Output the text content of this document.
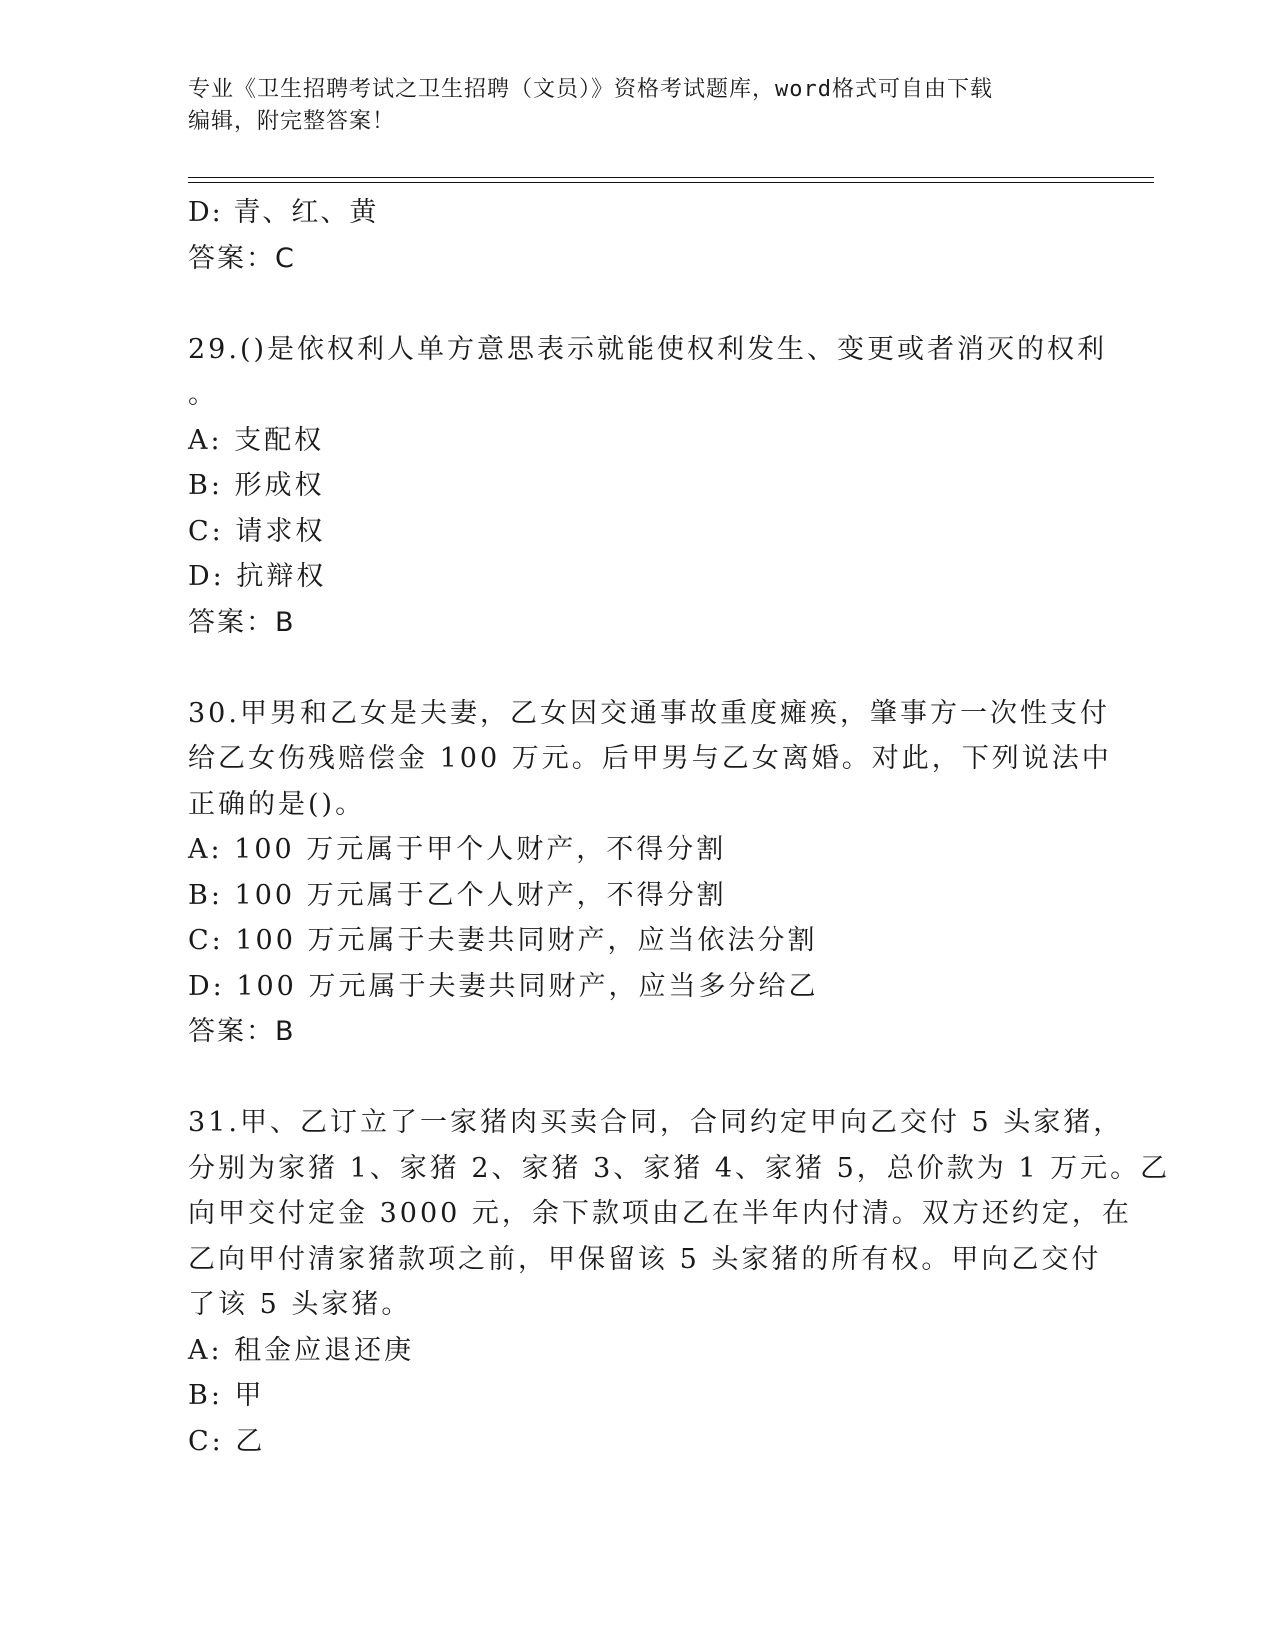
专业《卫生招聘考试之卫生招聘（文员）》资格考试题库，word格式可自由下载
编辑，附完整答案！
D: 青、红、黄
答案：C
29.()是依权利人单方意思表示就能使权利发生、变更或者消灭的权利
。
A: 支配权
B: 形成权
C: 请求权
D: 抗辩权
答案：B
30.甲男和乙女是夫妻，乙女因交通事故重度瘫痪，肇事方一次性支付
给乙女伤残赔偿金 100 万元。后甲男与乙女离婚。对此，下列说法中
正确的是()。
A: 100 万元属于甲个人财产，不得分割
B: 100 万元属于乙个人财产，不得分割
C: 100 万元属于夫妻共同财产，应当依法分割
D: 100 万元属于夫妻共同财产，应当多分给乙
答案：B
31.甲、乙订立了一家猪肉买卖合同，合同约定甲向乙交付 5 头家猪，
分别为家猪 1、家猪 2、家猪 3、家猪 4、家猪 5，总价款为 1 万元。乙
向甲交付定金 3000 元，余下款项由乙在半年内付清。双方还约定，在
乙向甲付清家猪款项之前，甲保留该 5 头家猪的所有权。甲向乙交付
了该 5 头家猪。
A: 租金应退还庚
B: 甲
C: 乙
